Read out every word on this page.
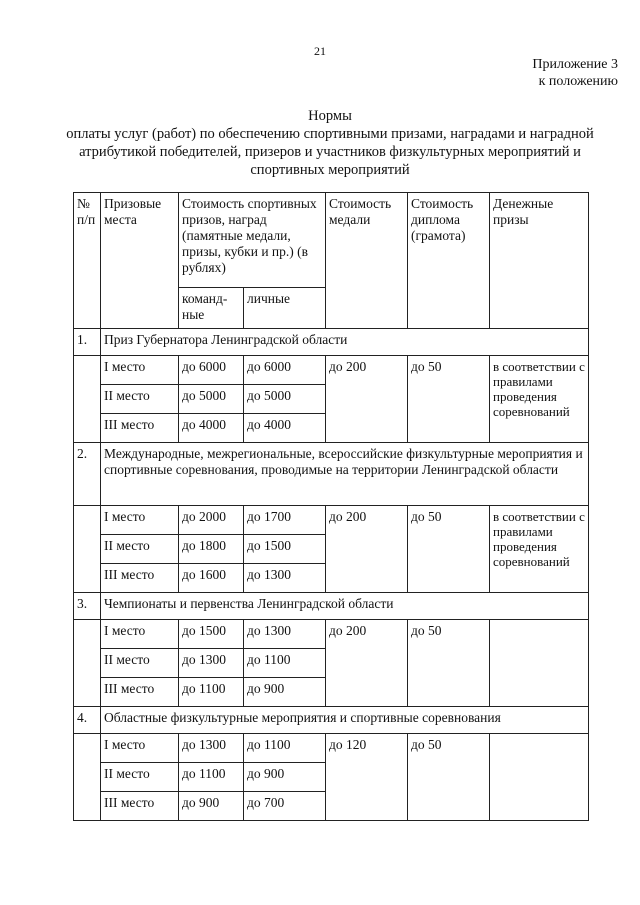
21
Приложение 3
к положению
Нормы
оплаты услуг (работ) по обеспечению спортивными призами, наградами и наградной атрибутикой победителей, призеров и участников физкультурных мероприятий и спортивных мероприятий
№ п/п	Призовые места	Стоимость спортивных призов, наград (памятные медали, призы, кубки и пр.) (в рублях)		Стоимость медали	Стоимость диплома (грамота)	Денежные призы
		командные	личные			
1.	Приз Губернатора Ленинградской области					
	I место	до 6000	до 6000	до 200	до 50	в соответствии с правилами проведения соревнований
	II место	до 5000	до 5000			
	III место	до 4000	до 4000			
2.	Международные, межрегиональные, всероссийские физкультурные мероприятия и спортивные соревнования, проводимые на территории Ленинградской области					
	I место	до 2000	до 1700	до 200	до 50	в соответствии с правилами проведения соревнований
	II место	до 1800	до 1500			
	III место	до 1600	до 1300			
3.	Чемпионаты и первенства Ленинградской области					
	I место	до 1500	до 1300	до 200	до 50	
	II место	до 1300	до 1100			
	III место	до 1100	до 900			
4.	Областные физкультурные мероприятия и спортивные соревнования					
	I место	до 1300	до 1100	до 120	до 50	
	II место	до 1100	до 900			
	III место	до 900	до 700			
